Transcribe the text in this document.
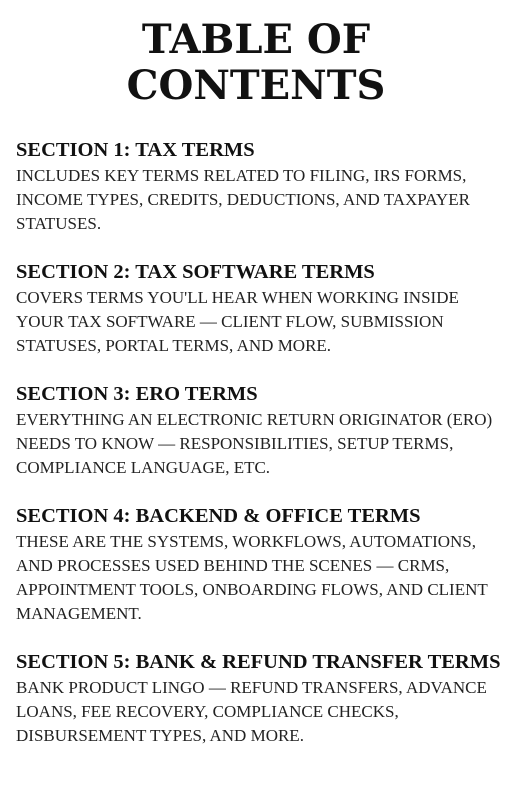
TABLE OF CONTENTS
SECTION 1: TAX TERMS

INCLUDES KEY TERMS RELATED TO FILING, IRS FORMS, INCOME TYPES, CREDITS, DEDUCTIONS, AND TAXPAYER STATUSES.

SECTION 2: TAX SOFTWARE TERMS

COVERS TERMS YOU'LL HEAR WHEN WORKING INSIDE YOUR TAX SOFTWARE — CLIENT FLOW, SUBMISSION STATUSES, PORTAL TERMS, AND MORE.

SECTION 3: ERO TERMS

EVERYTHING AN ELECTRONIC RETURN ORIGINATOR (ERO) NEEDS TO KNOW — RESPONSIBILITIES, SETUP TERMS, COMPLIANCE LANGUAGE, ETC.

SECTION 4: BACKEND & OFFICE TERMS

THESE ARE THE SYSTEMS, WORKFLOWS, AUTOMATIONS, AND PROCESSES USED BEHIND THE SCENES — CRMS, APPOINTMENT TOOLS, ONBOARDING FLOWS, AND CLIENT MANAGEMENT.

SECTION 5: BANK & REFUND TRANSFER TERMS

BANK PRODUCT LINGO — REFUND TRANSFERS, ADVANCE LOANS, FEE RECOVERY, COMPLIANCE CHECKS, DISBURSEMENT TYPES, AND MORE.
